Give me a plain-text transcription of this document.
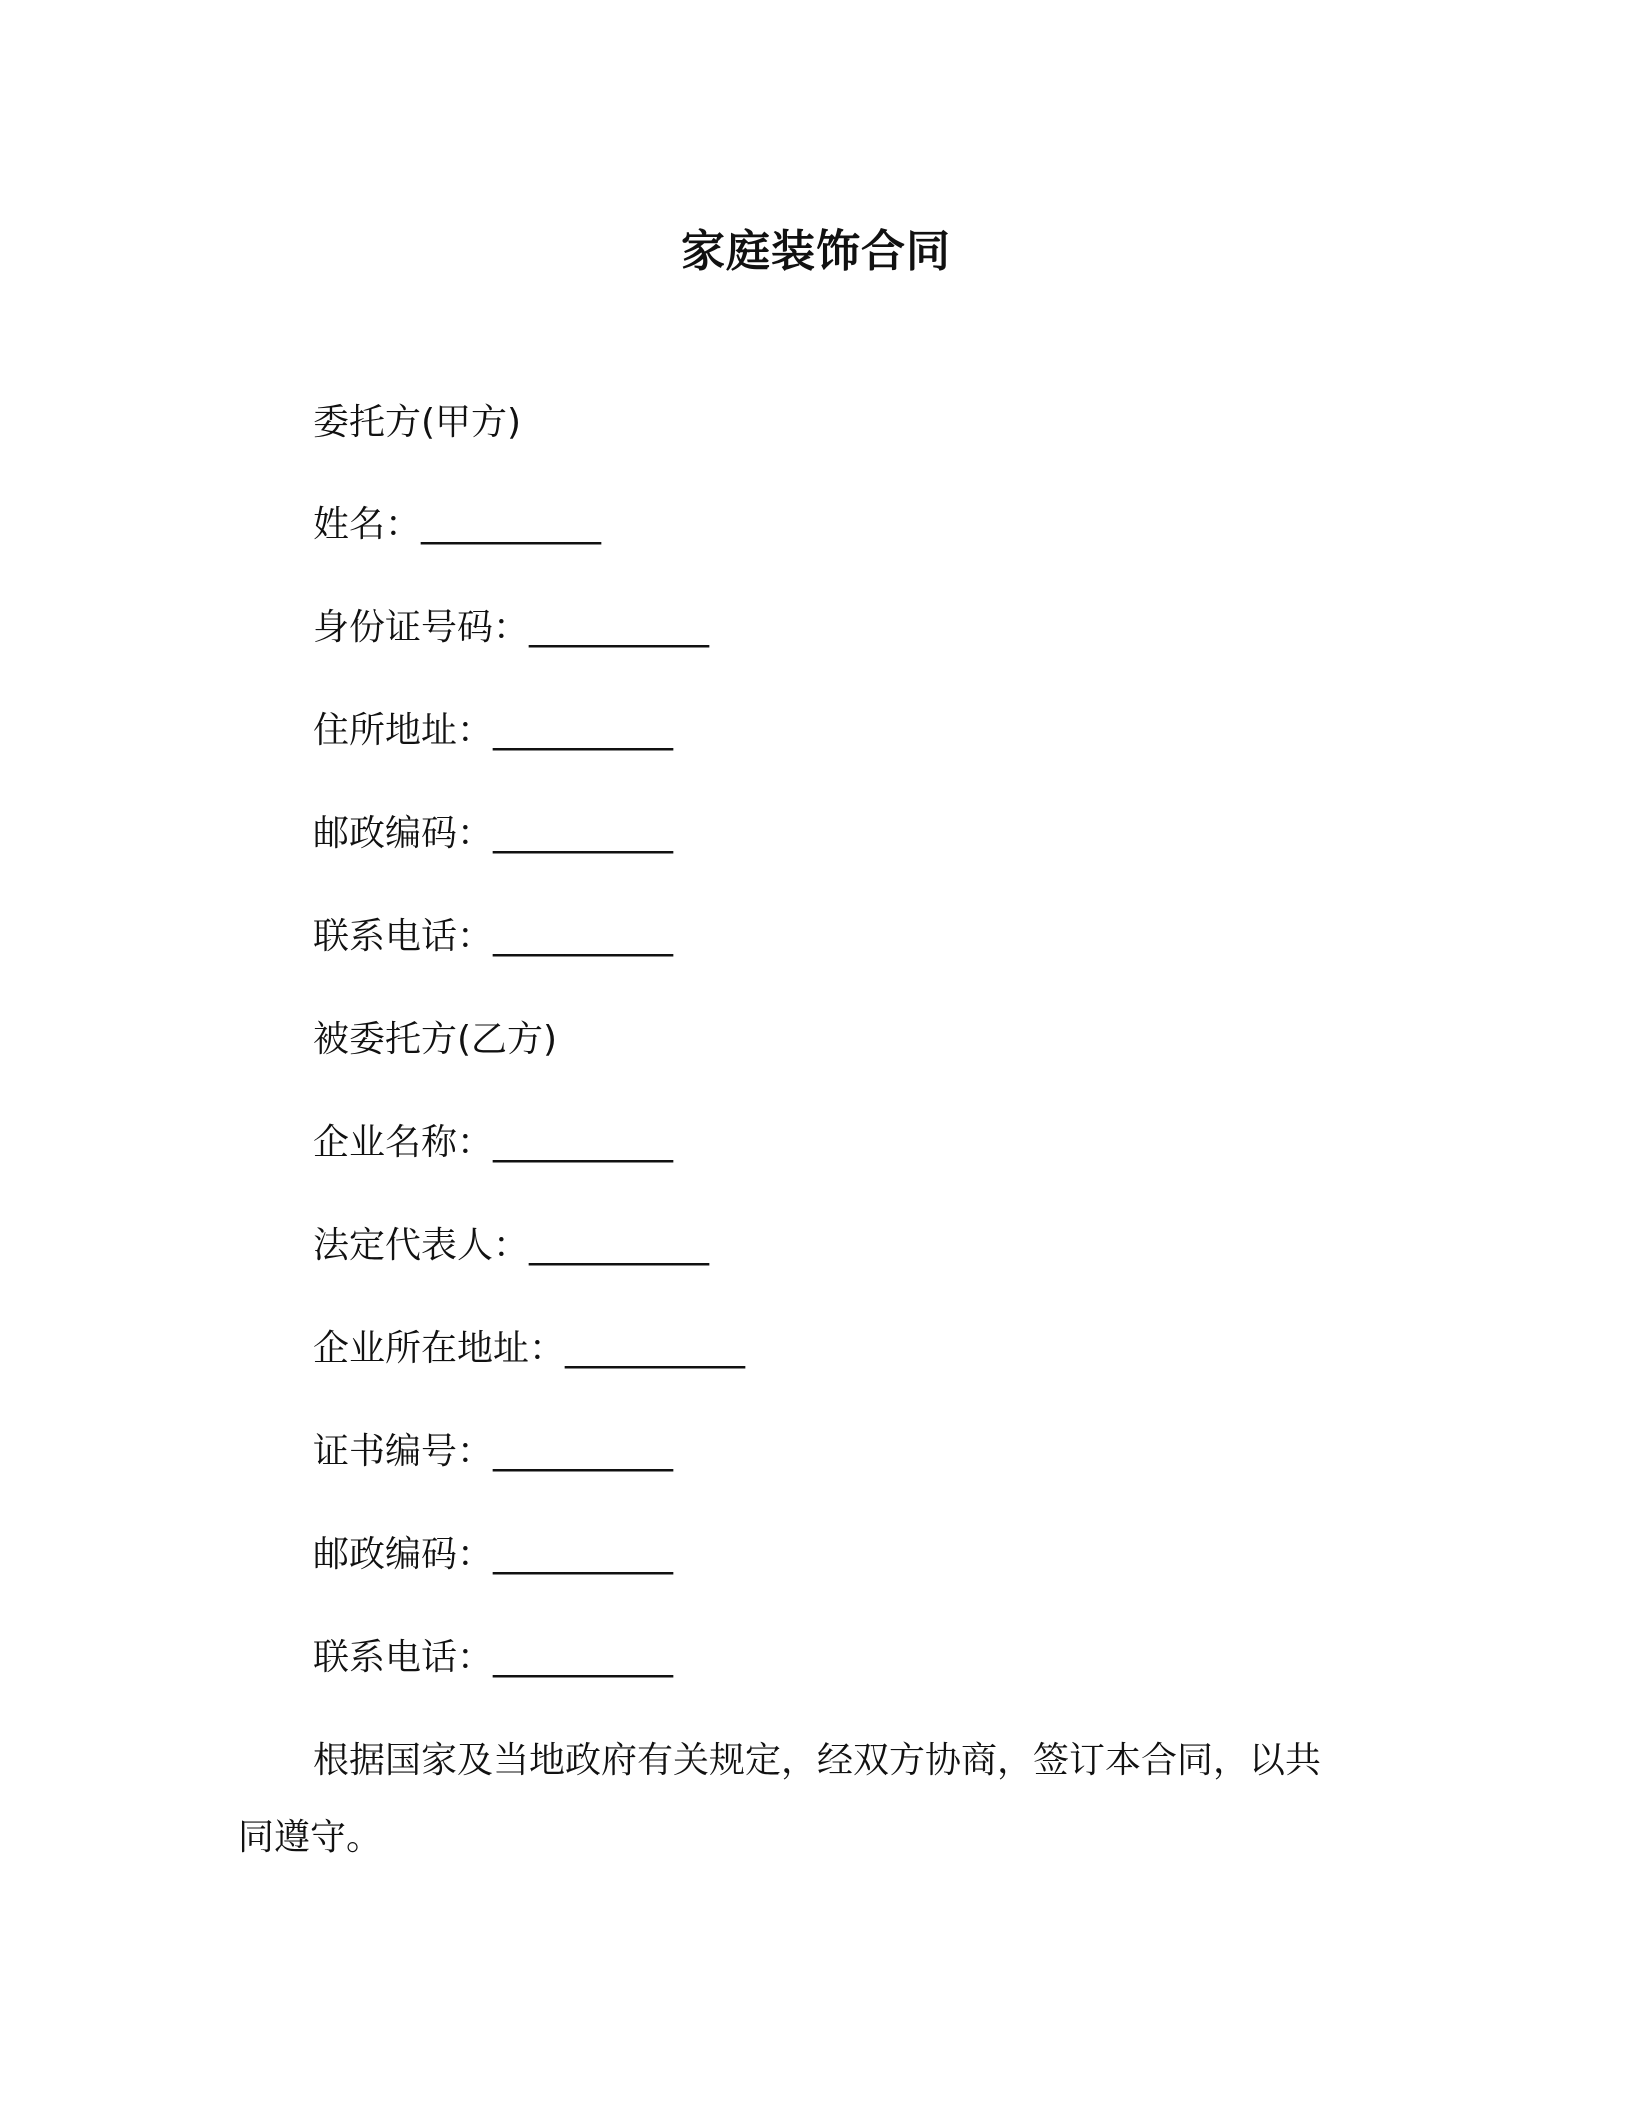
家庭装饰合同

委托方(甲方)

姓名：__________

身份证号码：__________

住所地址：__________

邮政编码：__________

联系电话：__________

被委托方(乙方)

企业名称：__________

法定代表人：__________

企业所在地址：__________

证书编号：__________

邮政编码：__________

联系电话：__________

根据国家及当地政府有关规定，经双方协商，签订本合同，以共
同遵守。
